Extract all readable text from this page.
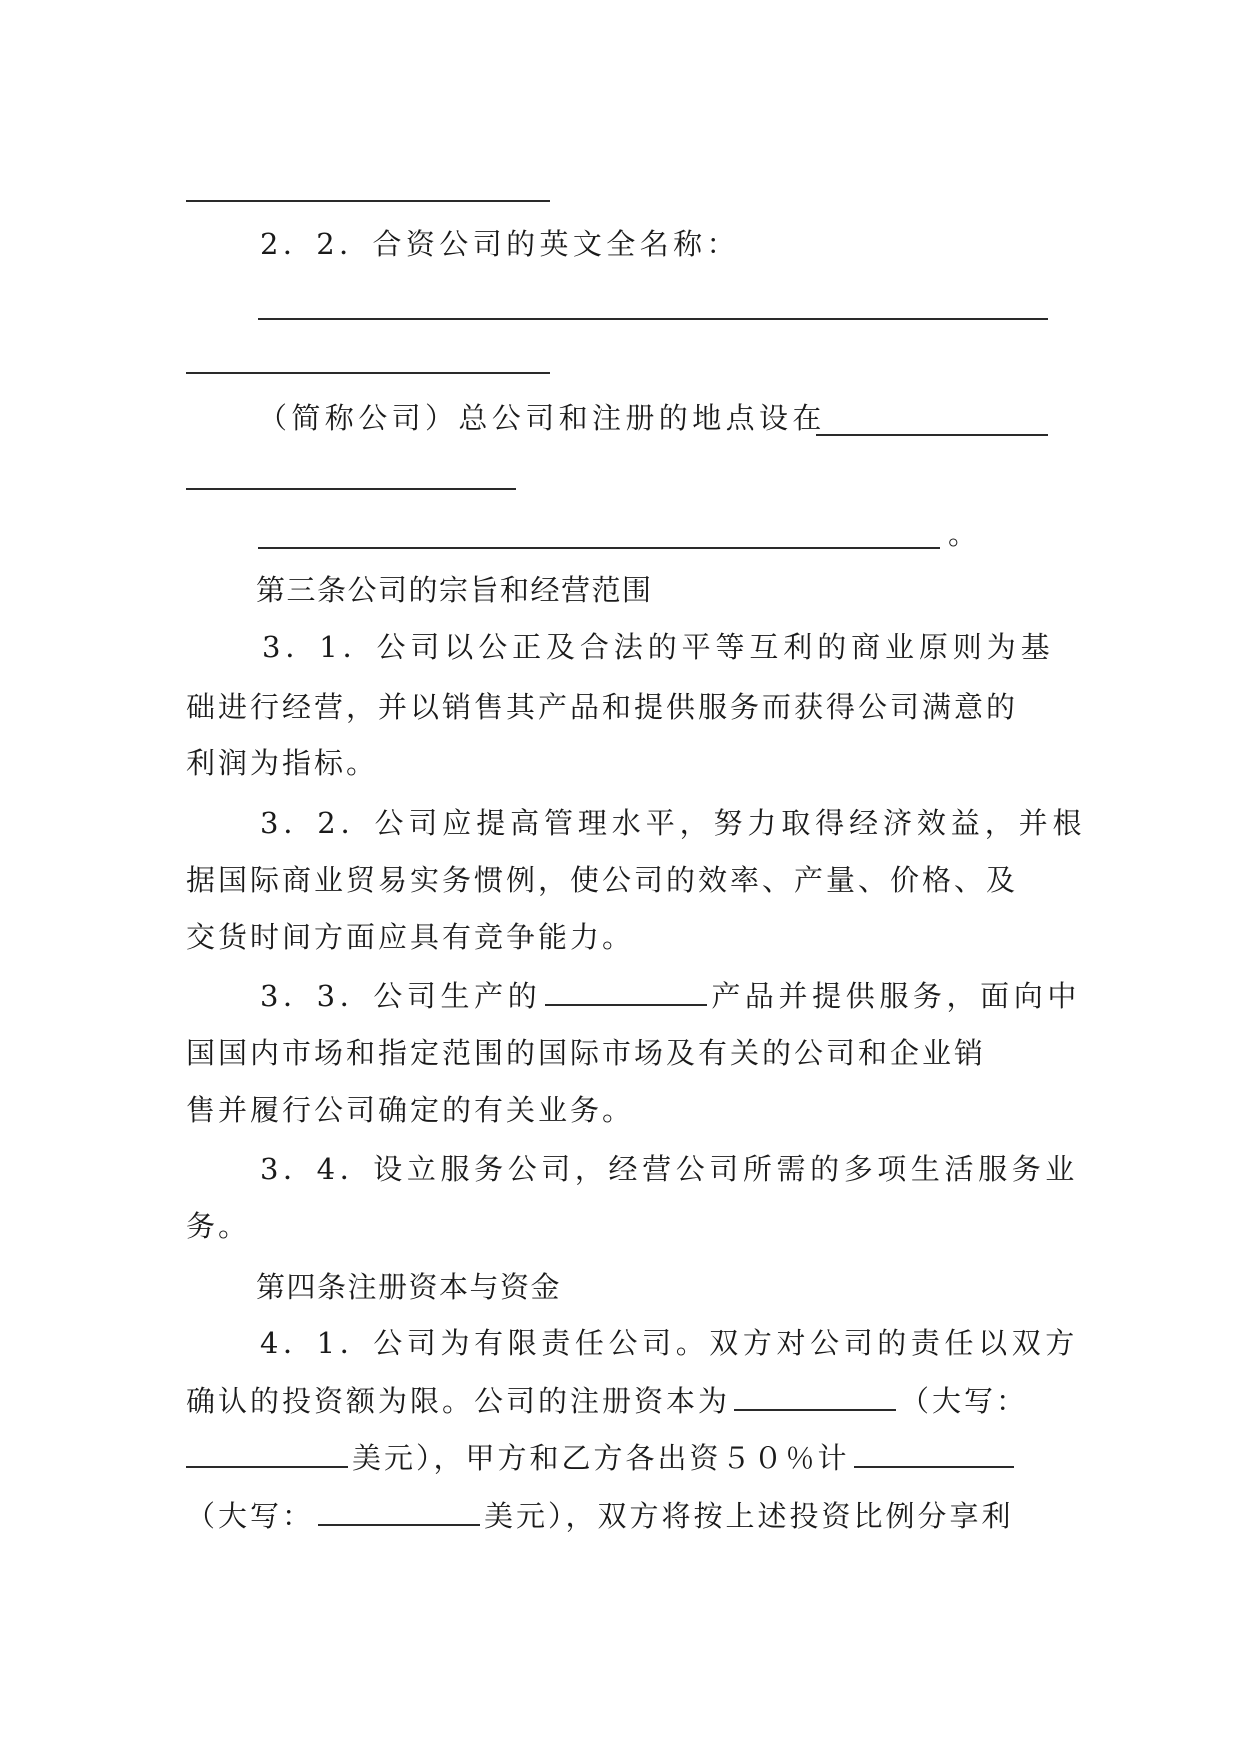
2．2．合资公司的英文全名称：
（简称公司）总公司和注册的地点设在
。
第三条公司的宗旨和经营范围
3．1．公司以公正及合法的平等互利的商业原则为基
础进行经营，并以销售其产品和提供服务而获得公司满意的
利润为指标。
3．2．公司应提高管理水平，努力取得经济效益，并根
据国际商业贸易实务惯例，使公司的效率、产量、价格、及
交货时间方面应具有竞争能力。
3．3．公司生产的	产品并提供服务，面向中
国国内市场和指定范围的国际市场及有关的公司和企业销
售并履行公司确定的有关业务。
3．4．设立服务公司，经营公司所需的多项生活服务业
务。
第四条注册资本与资金
4．1．公司为有限责任公司。双方对公司的责任以双方
确认的投资额为限。公司的注册资本为	（大写：
美元），甲方和乙方各出资５０％计
（大写：	美元），双方将按上述投资比例分享利
